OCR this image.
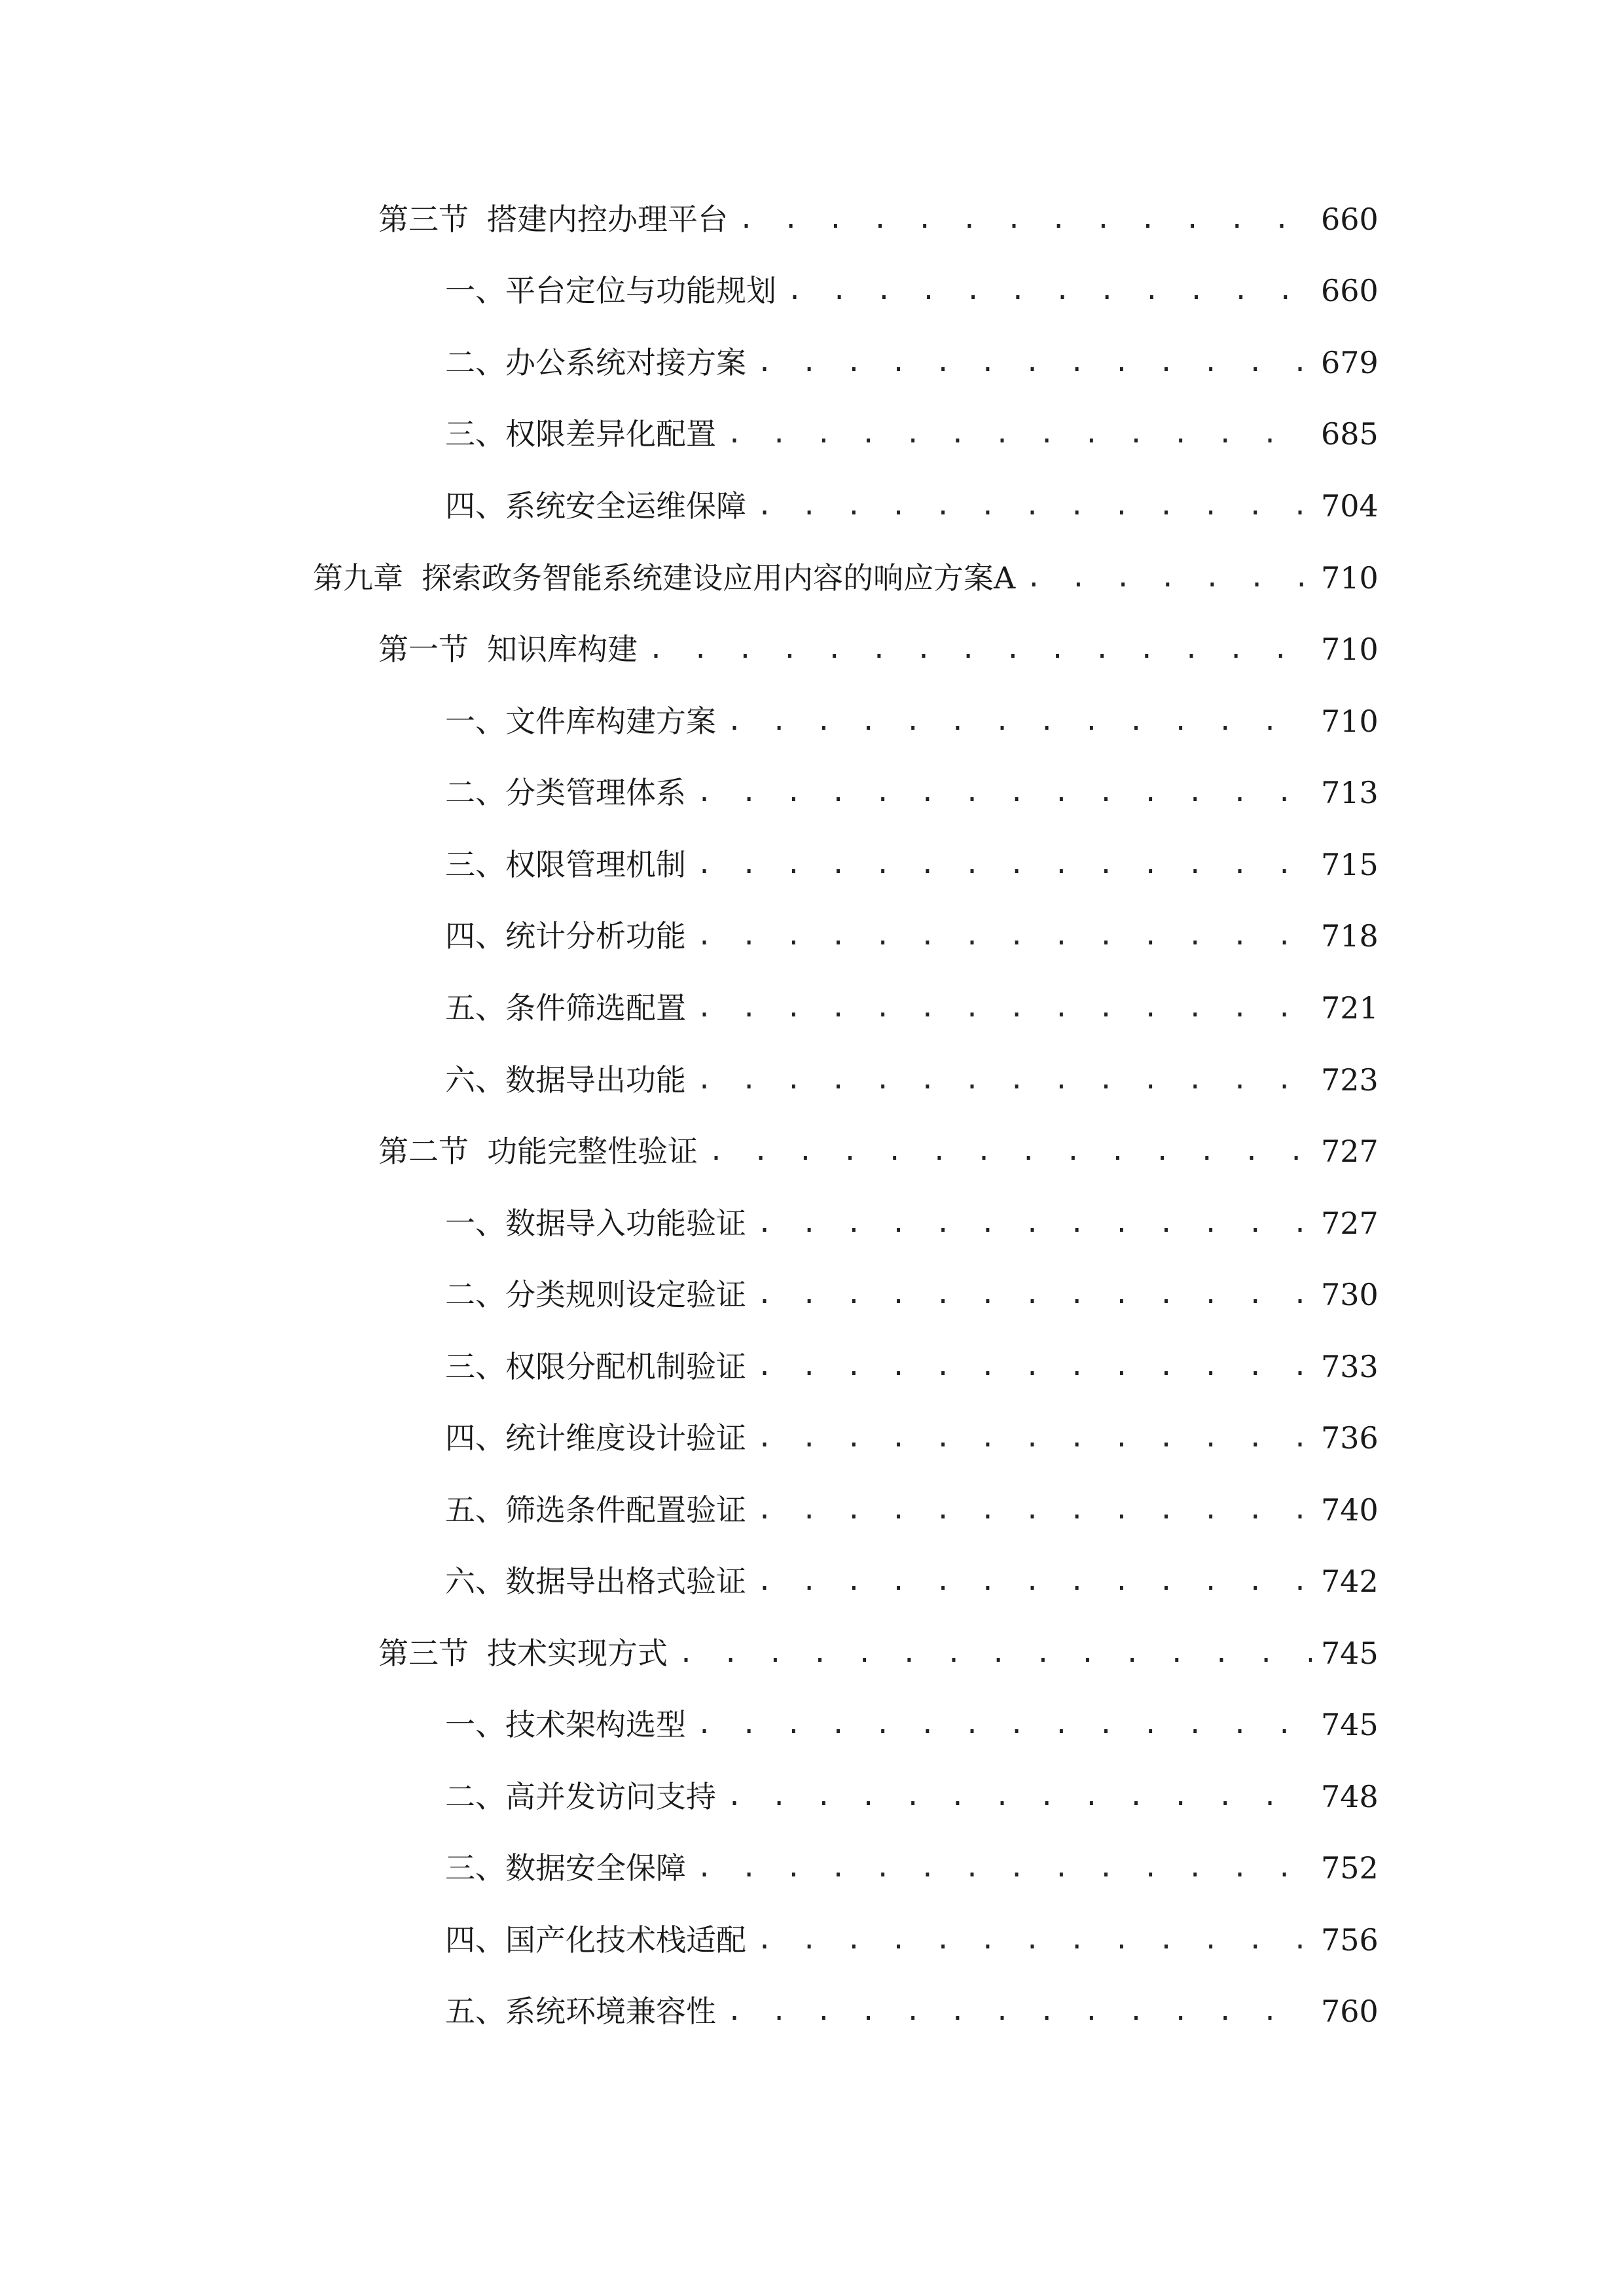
第三节 搭建内控办理平台 . . .	660
一、 平台定位与功能规划 . . .	660
二、 办公系统对接方案 . . .	679
三、 权限差异化配置 . . .	685
四、 系统安全运维保障 . . .	704
第九章 探索政务智能系统建设应用内容的响应方案A . . .	710
第一节 知识库构建 . . .	710
一、 文件库构建方案 . . .	710
二、 分类管理体系 . . .	713
三、 权限管理机制 . . .	715
四、 统计分析功能 . . .	718
五、 条件筛选配置 . . .	721
六、 数据导出功能 . . .	723
第二节 功能完整性验证 . . .	727
一、 数据导入功能验证 . . .	727
二、 分类规则设定验证 . . .	730
三、 权限分配机制验证 . . .	733
四、 统计维度设计验证 . . .	736
五、 筛选条件配置验证 . . .	740
六、 数据导出格式验证 . . .	742
第三节 技术实现方式 . . .	745
一、 技术架构选型 . . .	745
二、 高并发访问支持 . . .	748
三、 数据安全保障 . . .	752
四、 国产化技术栈适配 . . .	756
五、 系统环境兼容性 . . .	760
